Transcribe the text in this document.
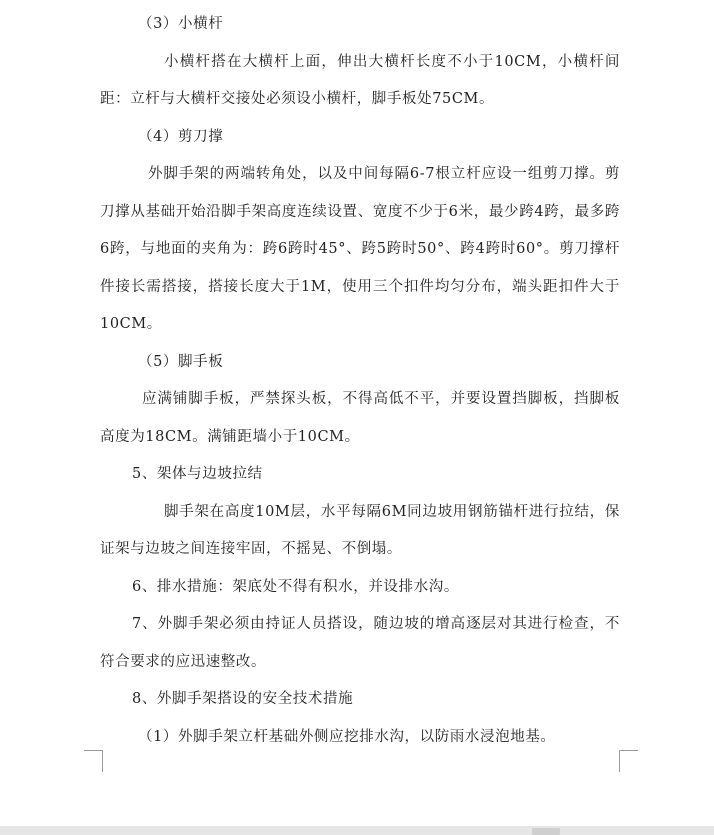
（3）小横杆

小横杆搭在大横杆上面，伸出大横杆长度不小于10CM，小横杆间距：立杆与大横杆交接处必须设小横杆，脚手板处75CM。

（4）剪刀撑

外脚手架的两端转角处，以及中间每隔6-7根立杆应设一组剪刀撑。剪刀撑从基础开始沿脚手架高度连续设置、宽度不少于6米，最少跨4跨，最多跨6跨，与地面的夹角为：跨6跨时45°、跨5跨时50°、跨4跨时60°。剪刀撑杆件接长需搭接，搭接长度大于1M，使用三个扣件均匀分布，端头距扣件大于10CM。

（5）脚手板

应满铺脚手板，严禁探头板，不得高低不平，并要设置挡脚板，挡脚板高度为18CM。满铺距墙小于10CM。

5、架体与边坡拉结

脚手架在高度10M层，水平每隔6M同边坡用钢筋锚杆进行拉结，保证架与边坡之间连接牢固，不摇晃、不倒塌。

6、排水措施：架底处不得有积水，并设排水沟。

7、外脚手架必须由持证人员搭设，随边坡的增高逐层对其进行检查，不符合要求的应迅速整改。

8、外脚手架搭设的安全技术措施

（1）外脚手架立杆基础外侧应挖排水沟，以防雨水浸泡地基。
